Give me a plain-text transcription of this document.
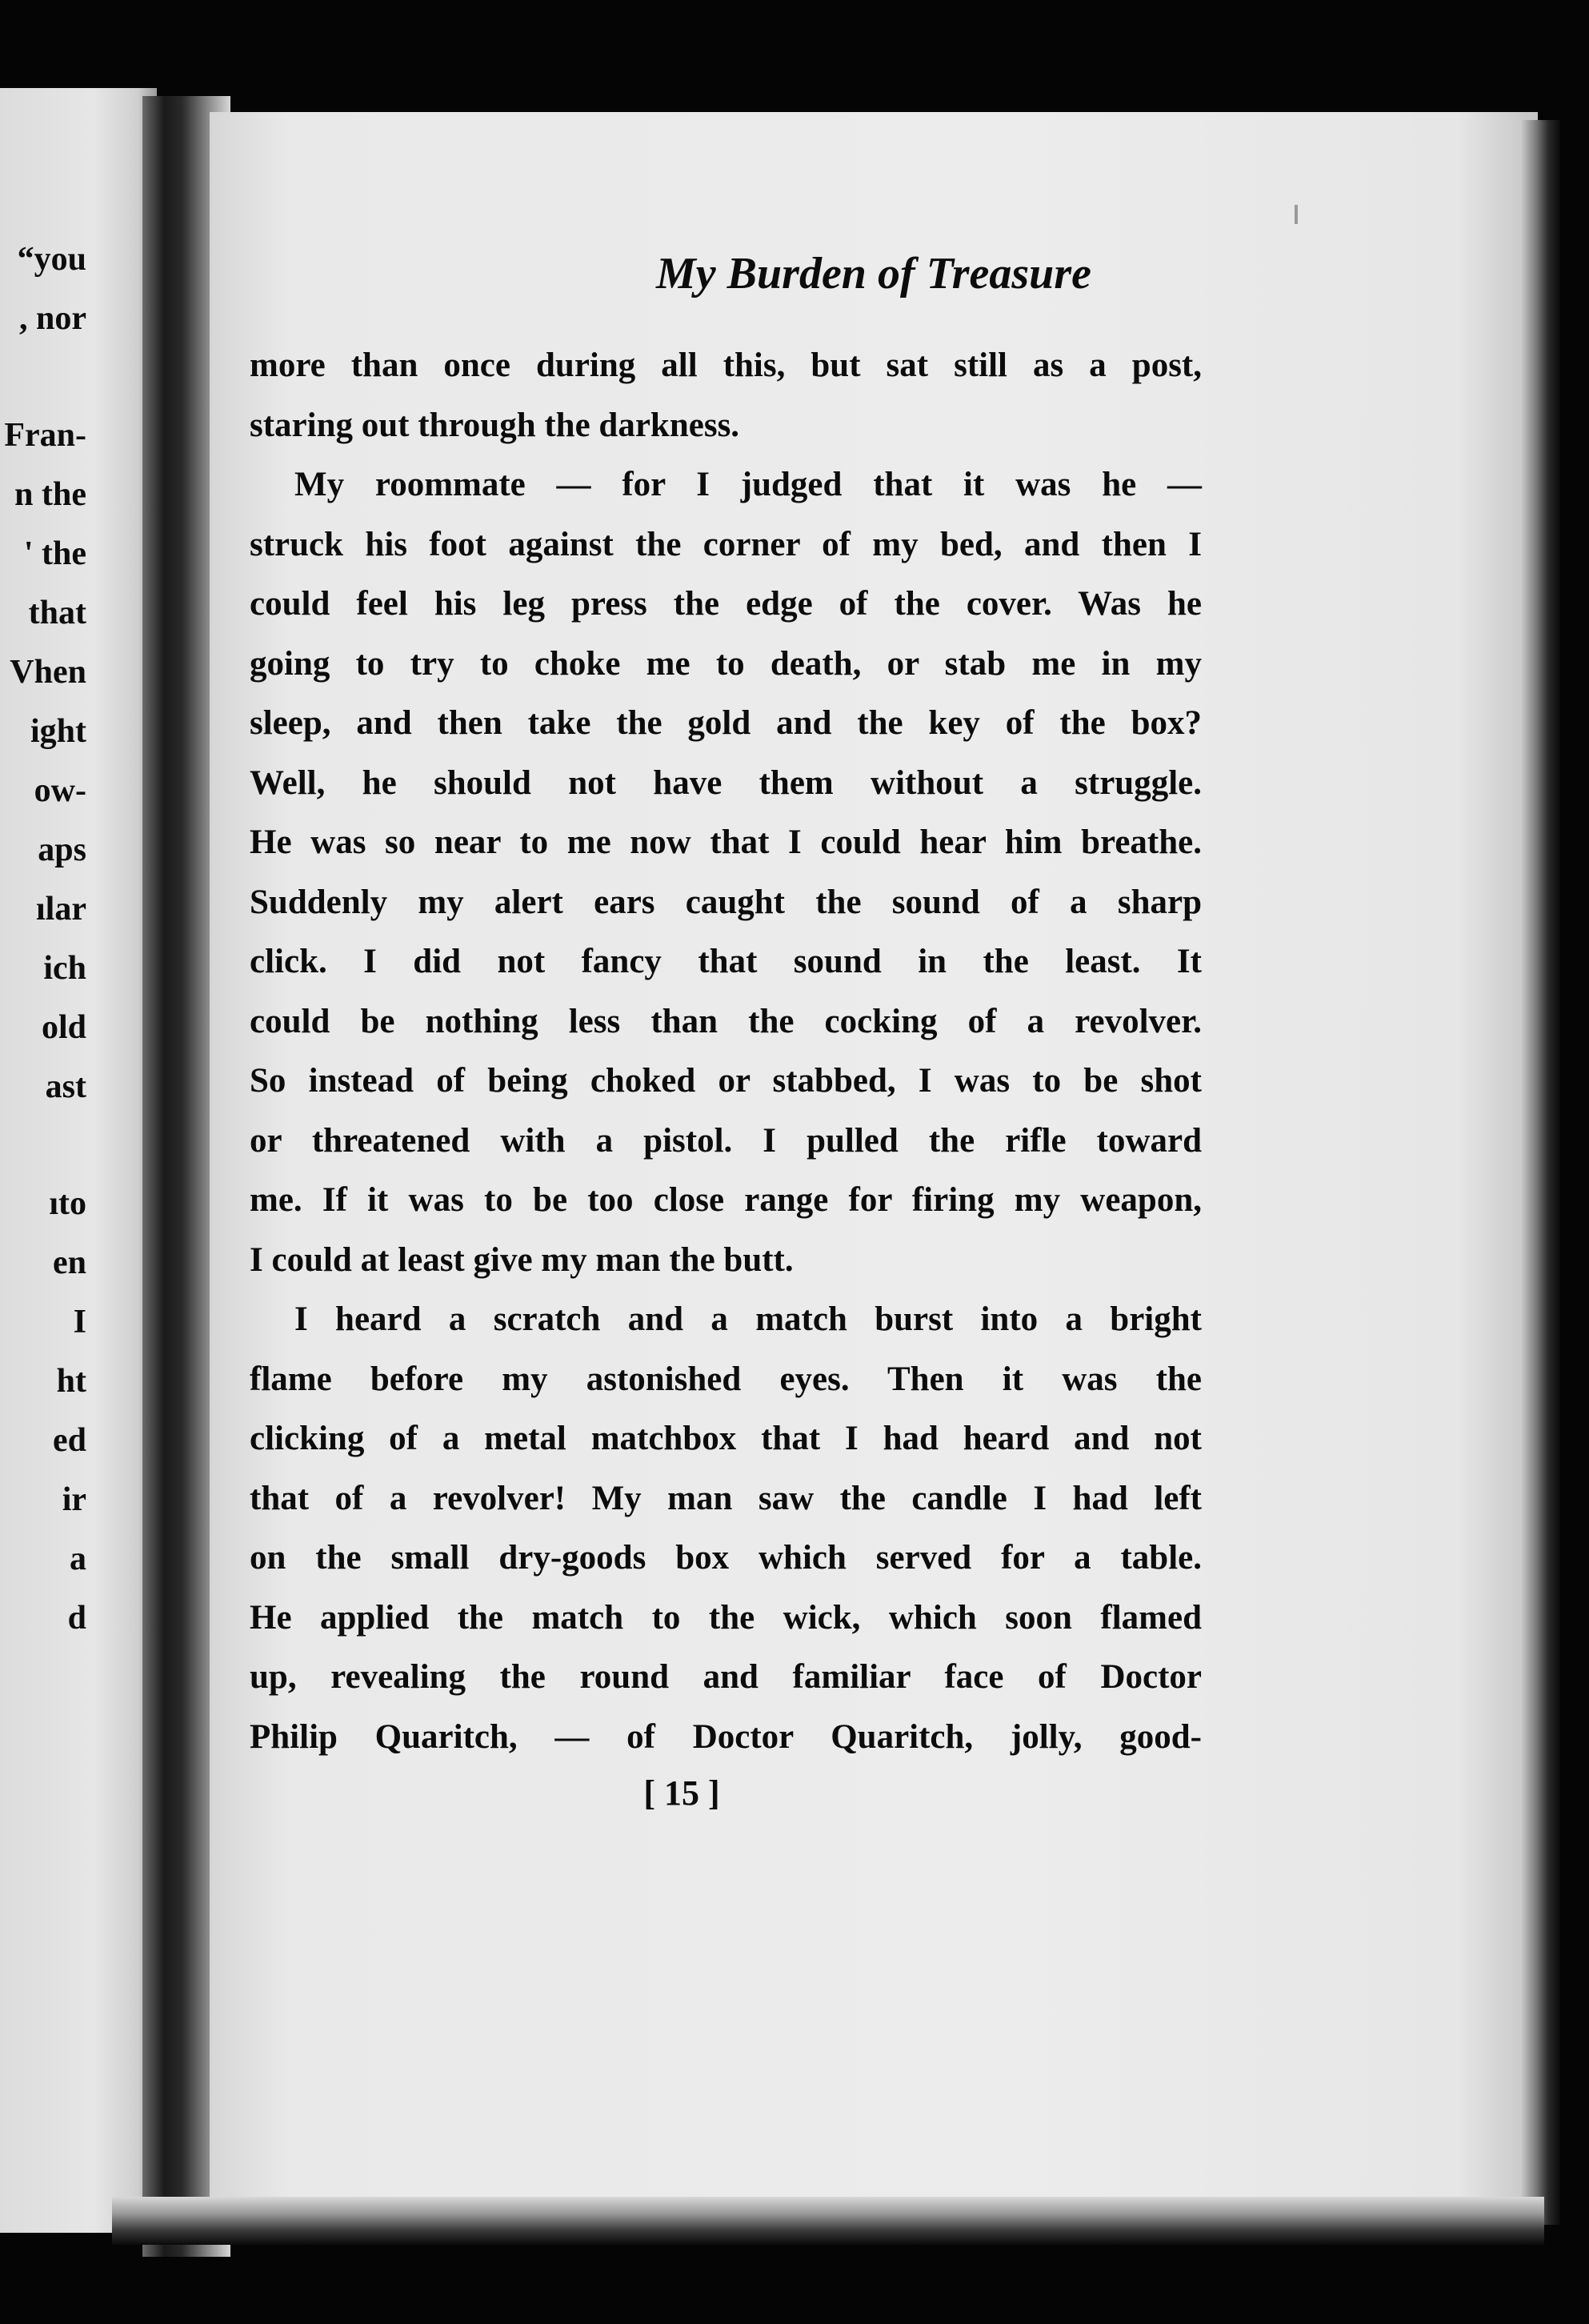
“you
, nor
Fran-
n the
' the
that
Vhen
ight
ow-
aps
ılar
ich
old
ast
ıto
en
I
ht
ed
ir
a
d
My Burden of Treasure
more than once during all this, but sat still as a post,
staring out through the darkness.
My roommate — for I judged that it was he —
struck his foot against the corner of my bed, and then I
could feel his leg press the edge of the cover. Was he
going to try to choke me to death, or stab me in my
sleep, and then take the gold and the key of the box?
Well, he should not have them without a struggle.
He was so near to me now that I could hear him breathe.
Suddenly my alert ears caught the sound of a sharp
click. I did not fancy that sound in the least. It
could be nothing less than the cocking of a revolver.
So instead of being choked or stabbed, I was to be shot
or threatened with a pistol. I pulled the rifle toward
me. If it was to be too close range for firing my weapon,
I could at least give my man the butt.
I heard a scratch and a match burst into a bright
flame before my astonished eyes. Then it was the
clicking of a metal matchbox that I had heard and not
that of a revolver! My man saw the candle I had left
on the small dry-goods box which served for a table.
He applied the match to the wick, which soon flamed
up, revealing the round and familiar face of Doctor
Philip Quaritch, — of Doctor Quaritch, jolly, good-
[ 15 ]
